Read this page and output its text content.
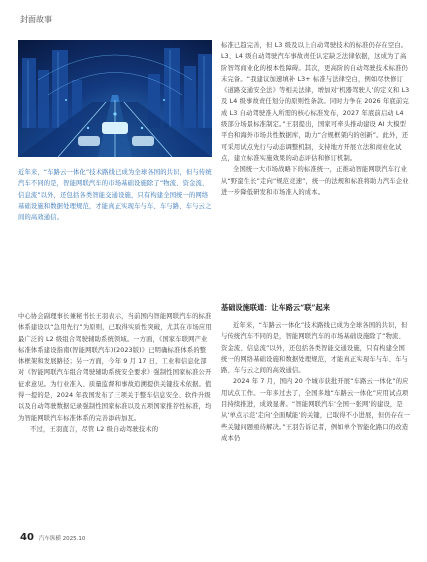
封面故事

近年来，“车路云一体化”技术路线已成为全球各国的共识，但与传统汽车不同的是，智能网联汽车的市场基础设施除了“物流、资金流、信息流”以外，还包括各类智能交通设施，只有构建全国统一的网络基础设施和数据处理规范，才能真正实现车与车、车与路、车与云之间的高效通信。

中心协会副理事长兼秘书长王羽表示，当前国内智能网联汽车的标准体系建设以“急用先行”为原则，已取得实质性突破，尤其在市场应用最广泛的 L2 级组合驾驶辅助系统领域。一方面，《国家车联网产业标准体系建设指南(智能网联汽车)(2023版)》已明确标准体系的整体框架和发展路径；另一方面，今年 9 月 17 日，工业和信息化部对《智能网联汽车组合驾驶辅助系统安全要求》强制性国家标准公开征求意见。为行业准入、质量监督和事故追溯提供关键技术依据。值得一提的是，2024 年我国发布了三项关于整车信息安全、软件升级以及自动驾驶数据记录强制性国家标准以及五项国家推荐性标准，均为智能网联汽车标准体系的完善添砖加瓦。

不过，王羽直言，尽管 L2 级自动驾驶技术的

标准已趋完善，但 L3 级及以上自动驾驶技术的标准仍存在空白。L3、L4 级自动驾驶汽车事故责任认定缺乏法律依据，这成为了高阶智驾商业化的根本性障碍。其次，更高阶的自动驾驶技术标准仍未完备。“我建议加速填补 L3+ 标准与法律空白，例如尽快修订《道路交通安全法》等相关法律，增加对‘机器驾驶人’的定义和 L3 及 L4 级事故责任划分的原则性条款。同时力争在 2026 年底前完成 L3 自动驾驶准入所需的核心标准发布，2027 年底前启动 L4 级部分场景标准制定。”王羽提出，国家可牵头推动建设 AI 大模型平台和海外市场共性数据库，助力“合规框架内的创新”。此外，还可采用试点先行与动态调整机制，支持地方开展立法和商业化试点，建立标准实施效果的动态评估和修订机制。

全国统一大市场战略下的标准统一，正推动智能网联汽车行业从“野蛮生长”走向“规范竞速”，统一的法规和标准将助力汽车企业进一步降低研发和市场准入的成本。

基础设施联通：让车路云“联”起来

近年来，“车路云一体化”技术路线已成为全球各国的共识，但与传统汽车不同的是，智能网联汽车的市场基础设施除了“物流、资金流、信息流”以外，还包括各类智能交通设施，只有构建全国统一的网络基础设施和数据处理规范，才能真正实现车与车、车与路、车与云之间的高效通信。

2024 年 7 月，国内 20 个城市获批开展“车路云一体化”的应用试点工作。一年多过去了，全国多地“车路云一体化”应用试点项目持续推进，成效显著。“智能网联汽车‘全国一张网’的建设，是从‘单点示范’走向‘全面赋能’的关键，已取得不小进展，但仍存在一些关键问题亟待解决。”王羽告诉记者，例如单个智能化路口的改造成本仍

40 汽车纵横 2025.10
